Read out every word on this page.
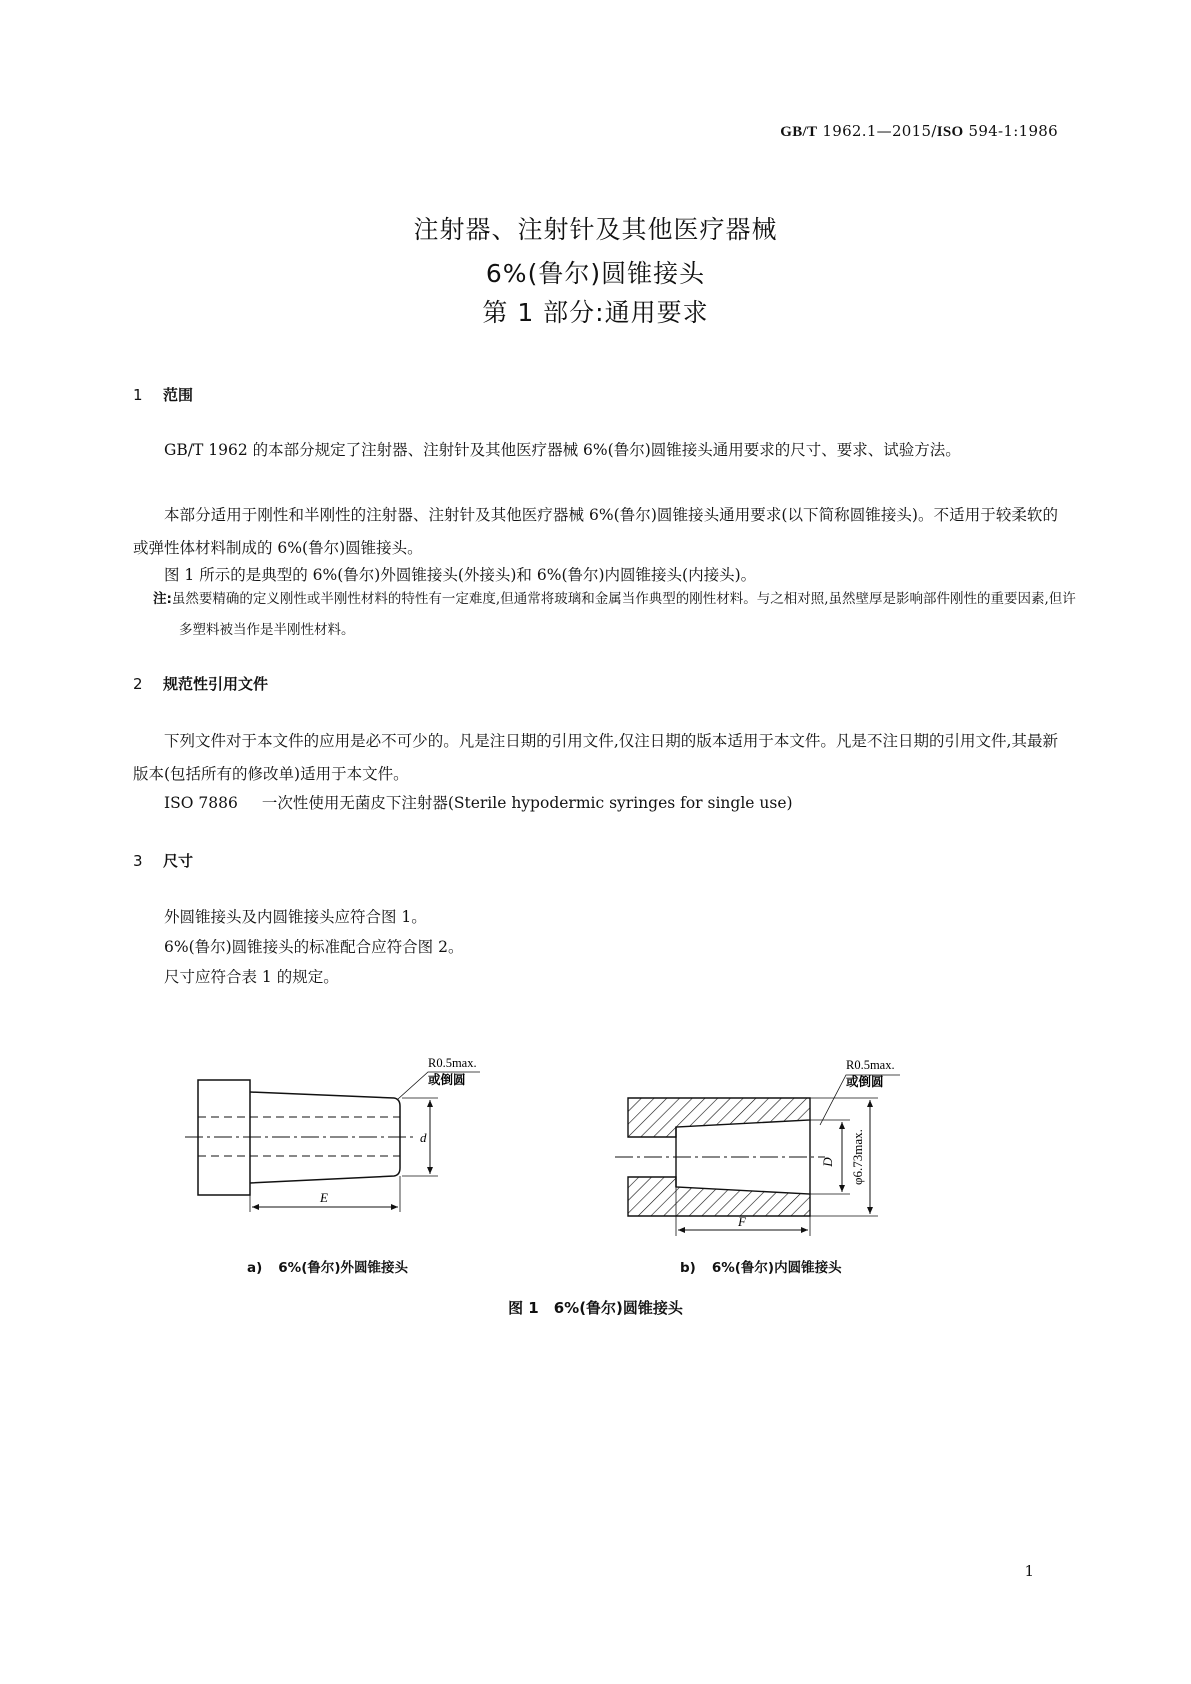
GB/T 1962.1—2015/ISO 594-1:1986
注射器、注射针及其他医疗器械
6%(鲁尔)圆锥接头
第 1 部分:通用要求
1 范围
GB/T 1962 的本部分规定了注射器、注射针及其他医疗器械 6%(鲁尔)圆锥接头通用要求的尺寸、要求、试验方法。
本部分适用于刚性和半刚性的注射器、注射针及其他医疗器械 6%(鲁尔)圆锥接头通用要求(以下简称圆锥接头)。不适用于较柔软的或弹性体材料制成的 6%(鲁尔)圆锥接头。
图 1 所示的是典型的 6%(鲁尔)外圆锥接头(外接头)和 6%(鲁尔)内圆锥接头(内接头)。
注:虽然要精确的定义刚性或半刚性材料的特性有一定难度,但通常将玻璃和金属当作典型的刚性材料。与之相对照,虽然壁厚是影响部件刚性的重要因素,但许多塑料被当作是半刚性材料。
2 规范性引用文件
下列文件对于本文件的应用是必不可少的。凡是注日期的引用文件,仅注日期的版本适用于本文件。凡是不注日期的引用文件,其最新版本(包括所有的修改单)适用于本文件。
ISO 7886 一次性使用无菌皮下注射器(Sterile hypodermic syringes for single use)
3 尺寸
外圆锥接头及内圆锥接头应符合图 1。
6%(鲁尔)圆锥接头的标准配合应符合图 2。
尺寸应符合表 1 的规定。
d
E
R0.5max.
或倒圆
D φ6.73max.
F
R0.5max.
或倒圆
a) 6%(鲁尔)外圆锥接头	b) 6%(鲁尔)内圆锥接头
图 1　6%(鲁尔)圆锥接头
1
